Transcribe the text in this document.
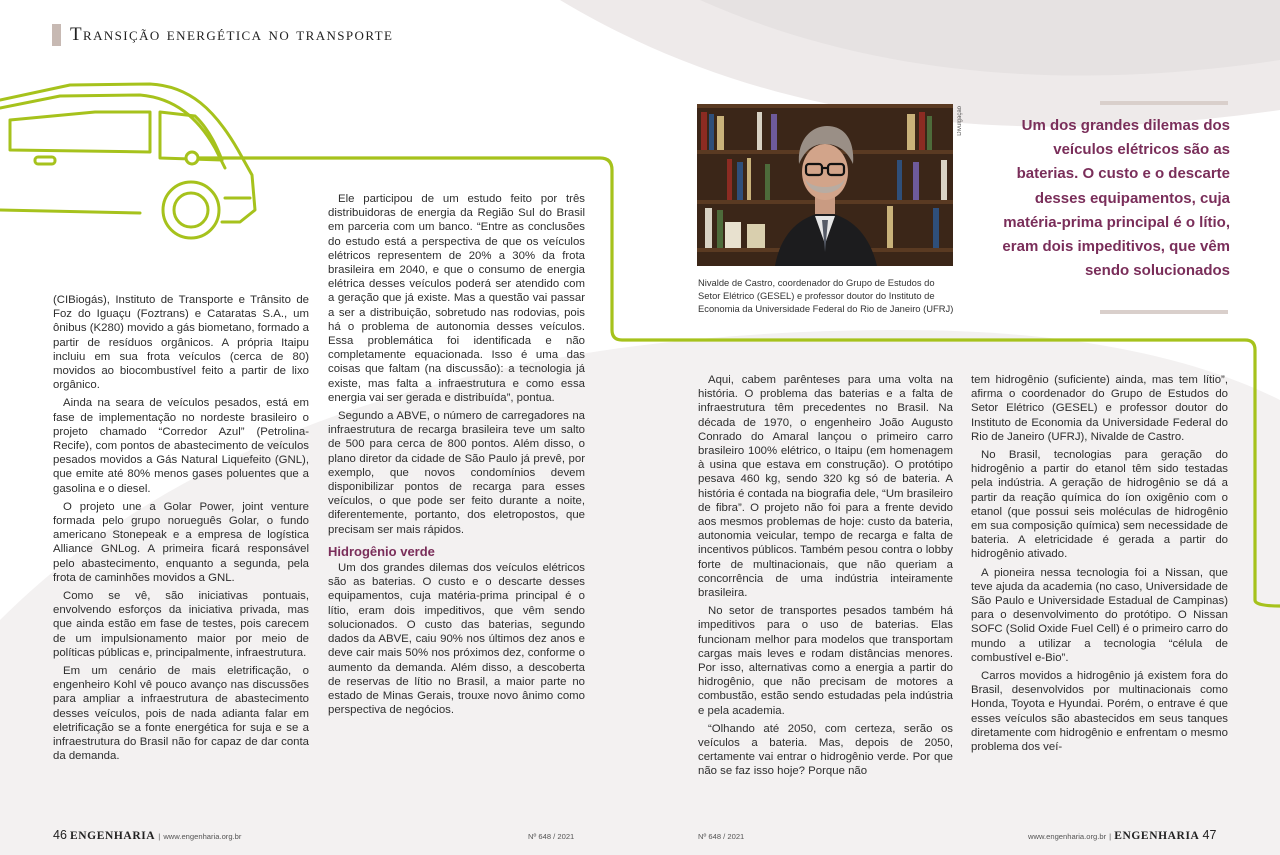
Transição energética no transporte

(CIBiogás), Instituto de Transporte e Trânsito de Foz do Iguaçu (Foztrans) e Cataratas S.A., um ônibus (K280) movido a gás biometano, formado a partir de resíduos orgânicos. A própria Itaipu incluiu em sua frota veículos (cerca de 80) movidos ao biocombustível feito a partir de lixo orgânico.

Ainda na seara de veículos pesados, está em fase de implementação no nordeste brasileiro o projeto chamado “Corredor Azul” (Petrolina-Recife), com pontos de abastecimento de veículos pesados movidos a Gás Natural Liquefeito (GNL), que emite até 80% menos gases poluentes que a gasolina e o diesel.

O projeto une a Golar Power, joint venture formada pelo grupo norueguês Golar, o fundo americano Stonepeak e a empresa de logística Alliance GNLog. A primeira ficará responsável pelo abastecimento, enquanto a segunda, pela frota de caminhões movidos a GNL.

Como se vê, são iniciativas pontuais, envolvendo esforços da iniciativa privada, mas que ainda estão em fase de testes, pois carecem de um impulsionamento maior por meio de políticas públicas e, principalmente, infraestrutura.

Em um cenário de mais eletrificação, o engenheiro Kohl vê pouco avanço nas discussões para ampliar a infraestrutura de abastecimento desses veículos, pois de nada adianta falar em eletrificação se a fonte energética for suja e se a infraestrutura do Brasil não for capaz de dar conta da demanda.

Ele participou de um estudo feito por três distribuidoras de energia da Região Sul do Brasil em parceria com um banco. “Entre as conclusões do estudo está a perspectiva de que os veículos elétricos representem de 20% a 30% da frota brasileira em 2040, e que o consumo de energia elétrica desses veículos poderá ser atendido com a geração que já existe. Mas a questão vai passar a ser a distribuição, sobretudo nas rodovias, pois há o problema de autonomia desses veículos. Essa problemática foi identificada e não completamente equacionada. Isso é uma das coisas que faltam (na discussão): a tecnologia já existe, mas falta a infraestrutura e como essa energia vai ser gerada e distribuída”, pontua.

Segundo a ABVE, o número de carregadores na infraestrutura de recarga brasileira teve um salto de 500 para cerca de 800 pontos. Além disso, o plano diretor da cidade de São Paulo já prevê, por exemplo, que novos condomínios devem disponibilizar pontos de recarga para esses veículos, o que pode ser feito durante a noite, diferentemente, portanto, dos eletropostos, que precisam ser mais rápidos.

Hidrogênio verde

Um dos grandes dilemas dos veículos elétricos são as baterias. O custo e o descarte desses equipamentos, cuja matéria-prima principal é o lítio, eram dois impeditivos, que vêm sendo solucionados. O custo das baterias, segundo dados da ABVE, caiu 90% nos últimos dez anos e deve cair mais 50% nos próximos dez, conforme o aumento da demanda. Além disso, a descoberta de reservas de lítio no Brasil, a maior parte no estado de Minas Gerais, trouxe novo ânimo como perspectiva de negócios.

Divulgação
Nivalde de Castro, coordenador do Grupo de Estudos do Setor Elétrico (GESEL) e professor doutor do Instituto de Economia da Universidade Federal do Rio de Janeiro (UFRJ)
Um dos grandes dilemas dos veículos elétricos são as baterias. O custo e o descarte desses equipamentos, cuja matéria-prima principal é o lítio, eram dois impeditivos, que vêm sendo solucionados

Aqui, cabem parênteses para uma volta na história. O problema das baterias e a falta de infraestrutura têm precedentes no Brasil. Na década de 1970, o engenheiro João Augusto Conrado do Amaral lançou o primeiro carro brasileiro 100% elétrico, o Itaipu (em homenagem à usina que estava em construção). O protótipo pesava 460 kg, sendo 320 kg só de bateria. A história é contada na biografia dele, “Um brasileiro de fibra”. O projeto não foi para a frente devido aos mesmos problemas de hoje: custo da bateria, autonomia veicular, tempo de recarga e falta de incentivos públicos. Também pesou contra o lobby forte de multinacionais, que não queriam a concorrência de uma indústria inteiramente brasileira.

No setor de transportes pesados também há impeditivos para o uso de baterias. Elas funcionam melhor para modelos que transportam cargas mais leves e rodam distâncias menores. Por isso, alternativas como a energia a partir do hidrogênio, que não precisam de motores a combustão, estão sendo estudadas pela indústria e pela academia.

“Olhando até 2050, com certeza, serão os veículos a bateria. Mas, depois de 2050, certamente vai entrar o hidrogênio verde. Por que não se faz isso hoje? Porque não

tem hidrogênio (suficiente) ainda, mas tem lítio”, afirma o coordenador do Grupo de Estudos do Setor Elétrico (GESEL) e professor doutor do Instituto de Economia da Universidade Federal do Rio de Janeiro (UFRJ), Nivalde de Castro.

No Brasil, tecnologias para geração do hidrogênio a partir do etanol têm sido testadas pela indústria. A geração de hidrogênio se dá a partir da reação química do íon oxigênio com o etanol (que possui seis moléculas de hidrogênio em sua composição química) sem necessidade de bateria. A eletricidade é gerada a partir do hidrogênio ativado.

A pioneira nessa tecnologia foi a Nissan, que teve ajuda da academia (no caso, Universidade de São Paulo e Universidade Estadual de Campinas) para o desenvolvimento do protótipo. O Nissan SOFC (Solid Oxide Fuel Cell) é o primeiro carro do mundo a utilizar a tecnologia “célula de combustível e-Bio”.

Carros movidos a hidrogênio já existem fora do Brasil, desenvolvidos por multinacionais como Honda, Toyota e Hyundai. Porém, o entrave é que esses veículos são abastecidos em seus tanques diretamente com hidrogênio e enfrentam o mesmo problema dos veí-

46 ENGENHARIA | www.engenharia.org.br	Nº 648 / 2021	Nº 648 / 2021	www.engenharia.org.br | ENGENHARIA 47
